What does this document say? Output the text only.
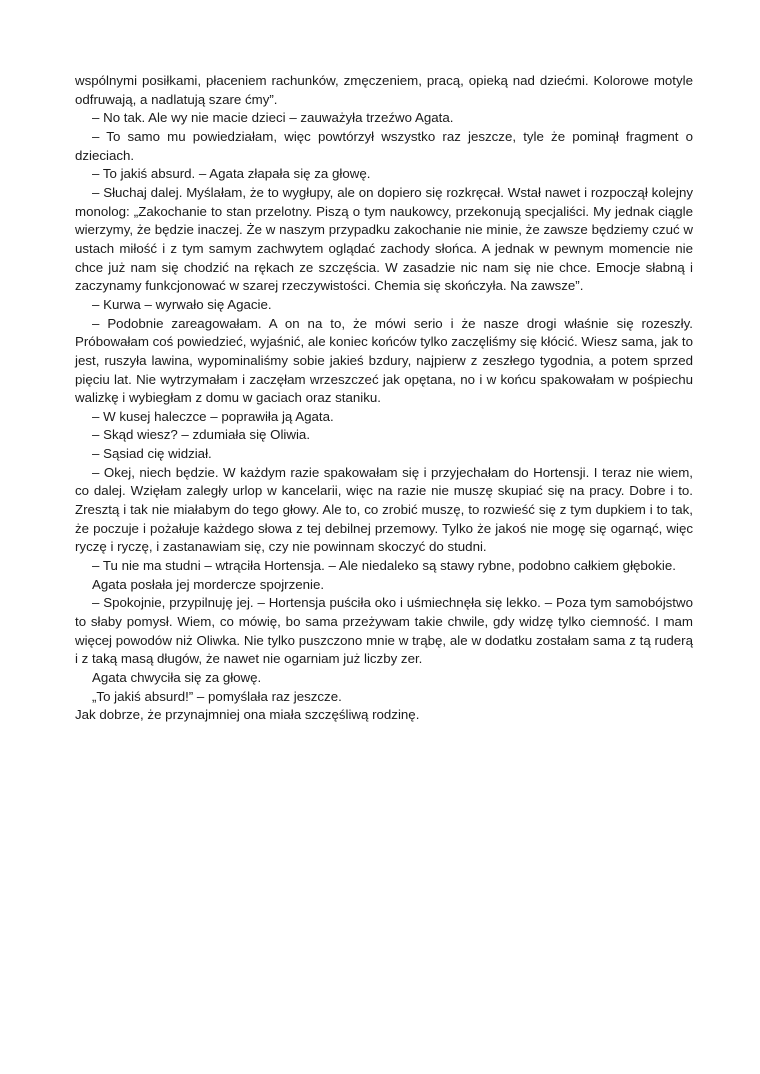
wspólnymi posiłkami, płaceniem rachunków, zmęczeniem, pracą, opieką nad dziećmi. Kolorowe motyle odfruwają, a nadlatują szare ćmy”.

– No tak. Ale wy nie macie dzieci – zauważyła trzeźwo Agata.

– To samo mu powiedziałam, więc powtórzył wszystko raz jeszcze, tyle że pominął fragment o dzieciach.

– To jakiś absurd. – Agata złapała się za głowę.

– Słuchaj dalej. Myślałam, że to wygłupy, ale on dopiero się rozkręcał. Wstał nawet i rozpoczął kolejny monolog: „Zakochanie to stan przelotny. Piszą o tym naukowcy, przekonują specjaliści. My jednak ciągle wierzymy, że będzie inaczej. Że w naszym przypadku zakochanie nie minie, że zawsze będziemy czuć w ustach miłość i z tym samym zachwytem oglądać zachody słońca. A jednak w pewnym momencie nie chce już nam się chodzić na rękach ze szczęścia. W zasadzie nic nam się nie chce. Emocje słabną i zaczynamy funkcjonować w szarej rzeczywistości. Chemia się skończyła. Na zawsze”.

– Kurwa – wyrwało się Agacie.

– Podobnie zareagowałam. A on na to, że mówi serio i że nasze drogi właśnie się rozeszły. Próbowałam coś powiedzieć, wyjaśnić, ale koniec końców tylko zaczęliśmy się kłócić. Wiesz sama, jak to jest, ruszyła lawina, wypominaliśmy sobie jakieś bzdury, najpierw z zeszłego tygodnia, a potem sprzed pięciu lat. Nie wytrzymałam i zaczęłam wrzeszczeć jak opętana, no i w końcu spakowałam w pośpiechu walizkę i wybiegłam z domu w gaciach oraz staniku.

– W kusej haleczce – poprawiła ją Agata.

– Skąd wiesz? – zdumiała się Oliwia.

– Sąsiad cię widział.

– Okej, niech będzie. W każdym razie spakowałam się i przyjechałam do Hortensji. I teraz nie wiem, co dalej. Wzięłam zaległy urlop w kancelarii, więc na razie nie muszę skupiać się na pracy. Dobre i to. Zresztą i tak nie miałabym do tego głowy. Ale to, co zrobić muszę, to rozwieść się z tym dupkiem i to tak, że poczuje i pożałuje każdego słowa z tej debilnej przemowy. Tylko że jakoś nie mogę się ogarnąć, więc ryczę i ryczę, i zastanawiam się, czy nie powinnam skoczyć do studni.

– Tu nie ma studni – wtrąciła Hortensja. – Ale niedaleko są stawy rybne, podobno całkiem głębokie.

Agata posłała jej mordercze spojrzenie.

– Spokojnie, przypilnuję jej. – Hortensja puściła oko i uśmiechnęła się lekko. – Poza tym samobójstwo to słaby pomysł. Wiem, co mówię, bo sama przeżywam takie chwile, gdy widzę tylko ciemność. I mam więcej powodów niż Oliwka. Nie tylko puszczono mnie w trąbę, ale w dodatku zostałam sama z tą ruderą i z taką masą długów, że nawet nie ogarniam już liczby zer.

Agata chwyciła się za głowę.

„To jakiś absurd!” – pomyślała raz jeszcze.

Jak dobrze, że przynajmniej ona miała szczęśliwą rodzinę.
